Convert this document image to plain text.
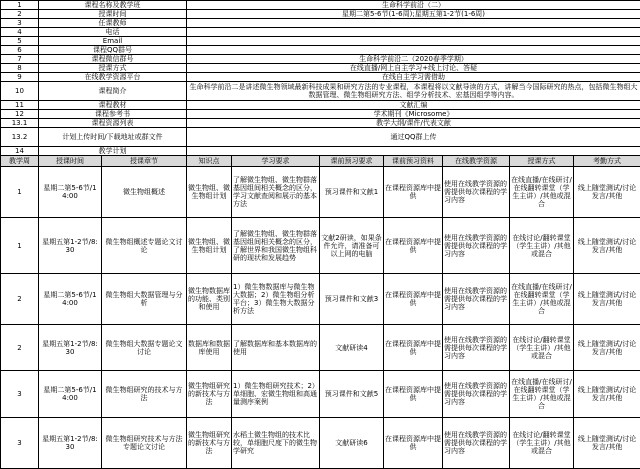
1	课程名称及教学班		生命科学前沿（二）						
2	授课时间		星期二第5-6节(1-6周);星期五第1-2节(1-6周)						
3	任课教师								
4	电话								
5	Email								
6	课程QQ群号								
7	课程微信群号		生命科学前沿二（2020春季学期）						
8	授课方式		在线直播/网上自主学习+线上讨论、答疑						
9	在线教学资源平台		在线自主学习需借助						
10	课程简介		生命科学前沿二是讲述微生物领域最新科技成果和研究方法的专业课程，本课程将以文献导读的方式，讲解当今国际研究的热点，包括微生物组大数据管理、微生物组研究方法、组学分析技术、宏基因组学等内容。						
11	课程教材		文献汇编						
12	课程参考书		学术期刊《Microsome》						
13.1	课程资源列表		教学大纲/课件/代表文献						
13.2	计划上传时间/下载地址或群文件		通过QQ群上传						
14	教学计划								
教学周	授课时间	授课章节	知识点	学习要求	课前预习要求	课前预习资料	在线教学资源	授课方式	考勤方式
1	星期二第5-6节/14:00	微生物组概述	微生物组、微生物组计划	了解微生物组、微生物群落基因组间相关概念的区分，学习文献查阅和展示的基本方法	预习课件和文献1	在课程资源库中提供	使用在线教学资源的需提供每次课程的学习内容	在线直播/在线研讨/在线翻转课堂（学生主讲）/其他或混合	线上随堂测试/讨论发言/其他
1	星期五第1-2节/8:30	微生物组概述专题论文讨论	微生物组、微生物组计划	了解微生物组、微生物群落基因组间相关概念的区分，了解世界和我国微生物组科研的现状和发展趋势	文献2研读，如果条件允许，请准备可以上网的电脑	在课程资源库中提供	使用在线教学资源的需提供每次课程的学习内容	在线讨论/翻转课堂（学生主讲）/其他或混合	线上随堂测试/讨论发言/其他
2	星期二第5-6节/14:00	微生物组大数据管理与分析	微生物数据库的功能、类别和使用	1）微生物数据库与微生物大数据；2）微生物组分析平台；3）微生物大数据分析方法	预习课件和文献3	在课程资源库中提供	使用在线教学资源的需提供每次课程的学习内容	在线直播/在线研讨/在线翻转课堂（学生主讲）/其他或混合	线上随堂测试/讨论发言/其他
2	星期五第1-2节/8:30	微生物组大数据专题论文讨论	数据库和数据库使用	了解数据库和基本数据库的使用	文献研读4	在课程资源库中提供	使用在线教学资源的需提供每次课程的学习内容	在线讨论/翻转课堂（学生主讲）/其他或混合	线上随堂测试/讨论发言/其他
3	星期二第5-6节/14:00	微生物组研究的技术与方法	微生物组研究的新技术与方法	1）微生物组研究技术；2）单细胞、宏微生物组和高通量测序案例	预习课件和文献5	在课程资源库中提供	使用在线教学资源的需提供每次课程的学习内容	在线直播/在线研讨/在线翻转课堂（学生主讲）/其他或混合	线上随堂测试/讨论发言/其他
3	星期五第1-2节/8:30	微生物组研究技术与方法专题论文讨论	微生物组研究的新技术与方法	水稻土微生物组的技术比较，单细胞尺度下的微生物学研究	文献研读6	在课程资源库中提供	使用在线教学资源的需提供每次课程的学习内容	在线讨论/翻转课堂（学生主讲）/其他或混合	线上随堂测试/讨论发言/其他
